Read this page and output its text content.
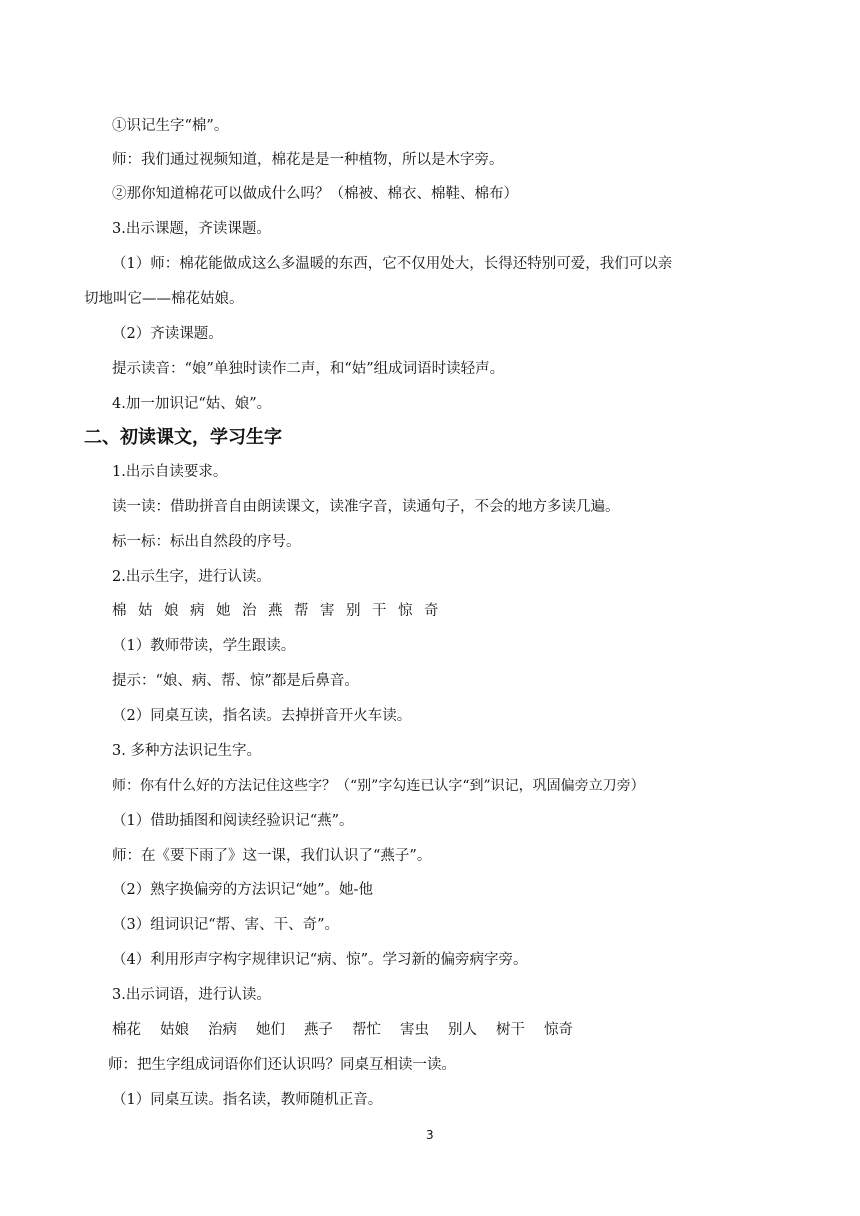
①识记生字“棉”。
师：我们通过视频知道，棉花是是一种植物，所以是木字旁。
②那你知道棉花可以做成什么吗？（棉被、棉衣、棉鞋、棉布）
3.出示课题，齐读课题。
（1）师：棉花能做成这么多温暖的东西，它不仅用处大，长得还特别可爱，我们可以亲
切地叫它——棉花姑娘。
（2）齐读课题。
提示读音：“娘”单独时读作二声，和“姑”组成词语时读轻声。
4.加一加识记“姑、娘”。
二、初读课文，学习生字
1.出示自读要求。
读一读：借助拼音自由朗读课文，读准字音，读通句子，不会的地方多读几遍。
标一标：标出自然段的序号。
2.出示生字，进行认读。
棉 姑 娘 病 她 治 燕 帮 害 别 干 惊 奇
（1）教师带读，学生跟读。
提示：“娘、病、帮、惊”都是后鼻音。
（2）同桌互读，指名读。去掉拼音开火车读。
3. 多种方法识记生字。
师：你有什么好的方法记住这些字？（“别”字勾连已认字“到”识记，巩固偏旁立刀旁）
（1）借助插图和阅读经验识记“燕”。
师：在《要下雨了》这一课，我们认识了“燕子”。
（2）熟字换偏旁的方法识记“她”。她-他
（3）组词识记“帮、害、干、奇”。
（4）利用形声字构字规律识记“病、惊”。学习新的偏旁病字旁。
3.出示词语，进行认读。
棉花 姑娘 治病 她们 燕子 帮忙 害虫 别人 树干 惊奇
师：把生字组成词语你们还认识吗？同桌互相读一读。
（1）同桌互读。指名读，教师随机正音。
3
